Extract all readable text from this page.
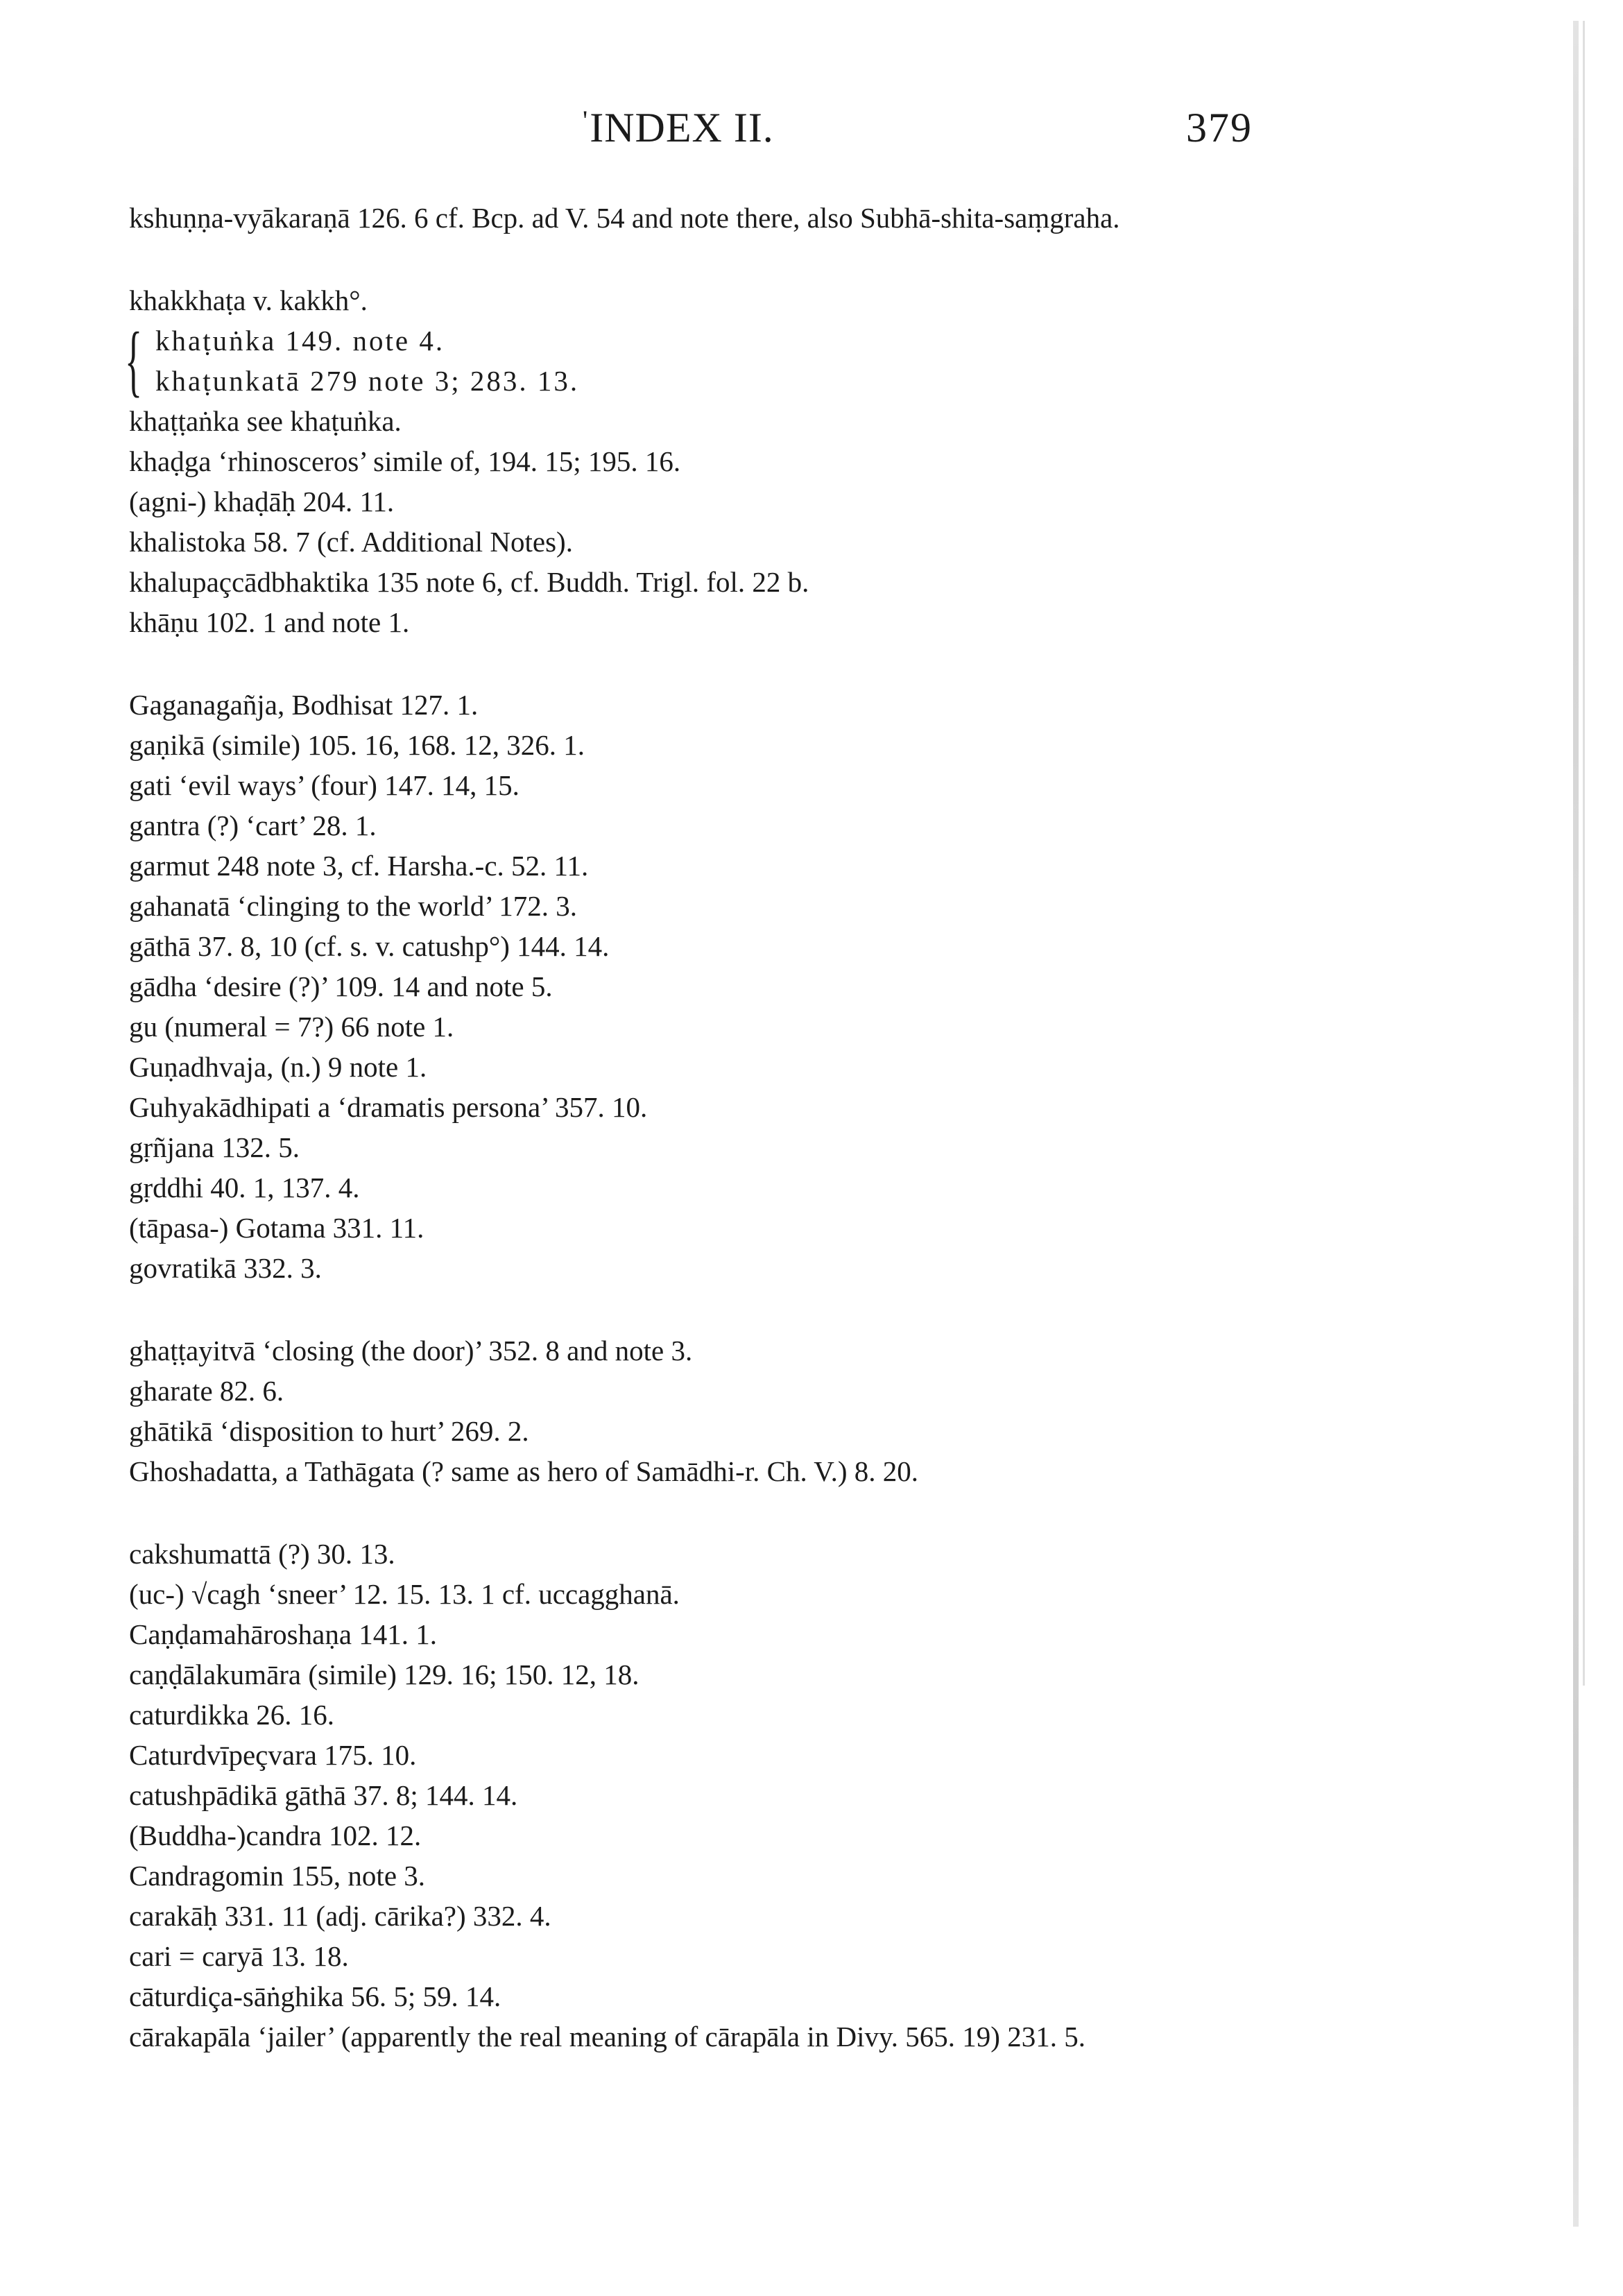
'INDEX II.	379
kshuṇṇa-vyākaraṇā 126. 6 cf. Bcp. ad V. 54 and note there, also Subhā-shita-saṃgraha.
khakkhaṭa v. kakkh°.
{ khaṭuṅka 149. note 4.
khaṭunkatā 279 note 3; 283. 13.
khaṭṭaṅka see khaṭuṅka.
khaḍga ‘rhinosceros’ simile of, 194. 15; 195. 16.
(agni-) khaḍāḥ 204. 11.
khalistoka 58. 7 (cf. Additional Notes).
khalupaçcādbhaktika 135 note 6, cf. Buddh. Trigl. fol. 22 b.
khāṇu 102. 1 and note 1.
Gaganagañja, Bodhisat 127. 1.
gaṇikā (simile) 105. 16, 168. 12, 326. 1.
gati ‘evil ways’ (four) 147. 14, 15.
gantra (?) ‘cart’ 28. 1.
garmut 248 note 3, cf. Harsha.-c. 52. 11.
gahanatā ‘clinging to the world’ 172. 3.
gāthā 37. 8, 10 (cf. s. v. catushp°) 144. 14.
gādha ‘desire (?)’ 109. 14 and note 5.
gu (numeral = 7?) 66 note 1.
Guṇadhvaja, (n.) 9 note 1.
Guhyakādhipati a ‘dramatis persona’ 357. 10.
gṛñjana 132. 5.
gṛddhi 40. 1, 137. 4.
(tāpasa-) Gotama 331. 11.
govratikā 332. 3.
ghaṭṭayitvā ‘closing (the door)’ 352. 8 and note 3.
gharate 82. 6.
ghātikā ‘disposition to hurt’ 269. 2.
Ghoshadatta, a Tathāgata (? same as hero of Samādhi-r. Ch. V.) 8. 20.
cakshumattā (?) 30. 13.
(uc-) √cagh ‘sneer’ 12. 15. 13. 1 cf. uccagghanā.
Caṇḍamahāroshaṇa 141. 1.
caṇḍālakumāra (simile) 129. 16; 150. 12, 18.
caturdikka 26. 16.
Caturdvīpeçvara 175. 10.
catushpādikā gāthā 37. 8; 144. 14.
(Buddha-)candra 102. 12.
Candragomin 155, note 3.
carakāḥ 331. 11 (adj. cārika?) 332. 4.
cari = caryā 13. 18.
cāturdiça-sāṅghika 56. 5; 59. 14.
cārakapāla ‘jailer’ (apparently the real meaning of cārapāla in Divy. 565. 19) 231. 5.
